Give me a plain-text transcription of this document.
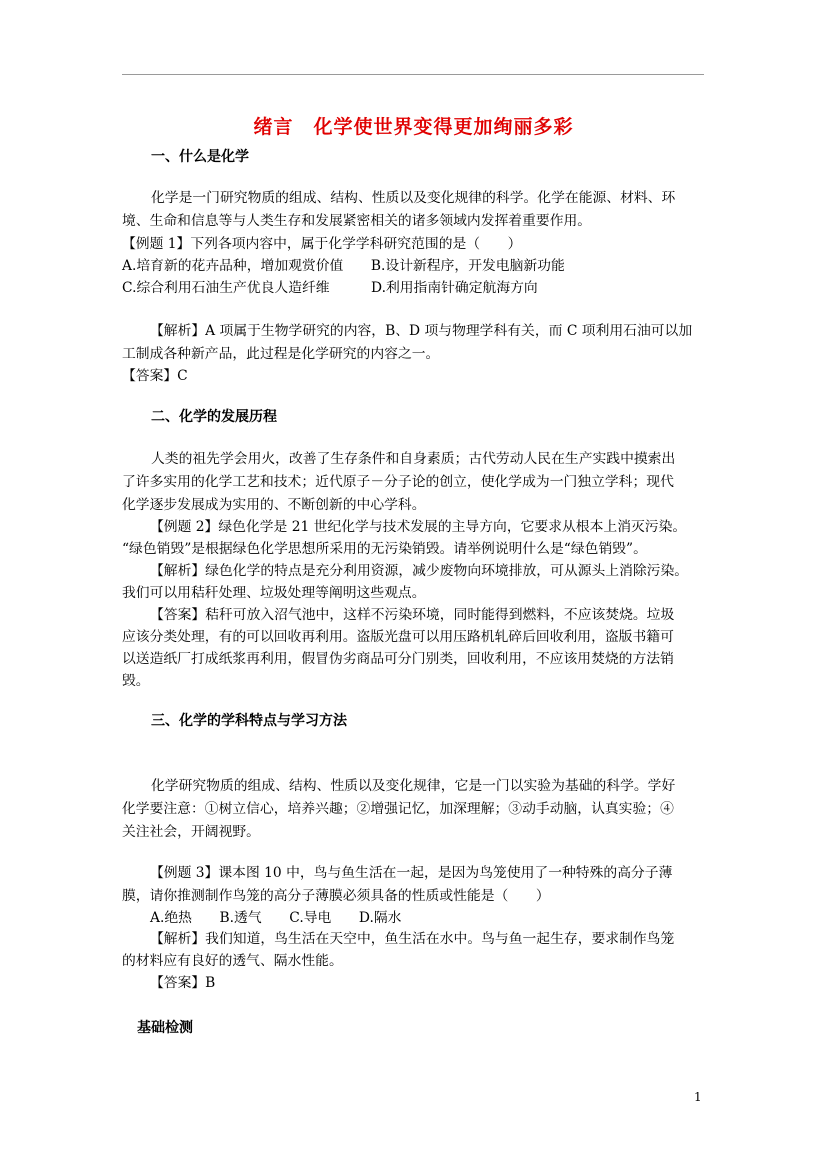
绪言　化学使世界变得更加绚丽多彩
一、什么是化学
化学是一门研究物质的组成、结构、性质以及变化规律的科学。化学在能源、材料、环
境、生命和信息等与人类生存和发展紧密相关的诸多领域内发挥着重要作用。
【例题 1】下列各项内容中，属于化学学科研究范围的是（　　）
A.培育新的花卉品种，增加观赏价值　　B.设计新程序，开发电脑新功能
C.综合利用石油生产优良人造纤维　　　D.利用指南针确定航海方向
【解析】A 项属于生物学研究的内容，B、D 项与物理学科有关，而 C 项利用石油可以加
工制成各种新产品，此过程是化学研究的内容之一。
【答案】C
二、化学的发展历程
人类的祖先学会用火，改善了生存条件和自身素质；古代劳动人民在生产实践中摸索出
了许多实用的化学工艺和技术；近代原子－分子论的创立，使化学成为一门独立学科；现代
化学逐步发展成为实用的、不断创新的中心学科。
【例题 2】绿色化学是 21 世纪化学与技术发展的主导方向，它要求从根本上消灭污染。
“绿色销毁”是根据绿色化学思想所采用的无污染销毁。请举例说明什么是“绿色销毁”。
【解析】绿色化学的特点是充分利用资源，减少废物向环境排放，可从源头上消除污染。
我们可以用秸秆处理、垃圾处理等阐明这些观点。
【答案】秸秆可放入沼气池中，这样不污染环境，同时能得到燃料，不应该焚烧。垃圾
应该分类处理，有的可以回收再利用。盗版光盘可以用压路机轧碎后回收利用，盗版书籍可
以送造纸厂打成纸浆再利用，假冒伪劣商品可分门别类，回收利用，不应该用焚烧的方法销
毁。
三、化学的学科特点与学习方法
化学研究物质的组成、结构、性质以及变化规律，它是一门以实验为基础的科学。学好
化学要注意：①树立信心，培养兴趣；②增强记忆，加深理解；③动手动脑，认真实验；④
关注社会，开阔视野。
【例题 3】课本图 10 中，鸟与鱼生活在一起，是因为鸟笼使用了一种特殊的高分子薄
膜，请你推测制作鸟笼的高分子薄膜必须具备的性质或性能是（　　）
A.绝热　　B.透气　　C.导电　　D.隔水
【解析】我们知道，鸟生活在天空中，鱼生活在水中。鸟与鱼一起生存，要求制作鸟笼
的材料应有良好的透气、隔水性能。
【答案】B
基础检测
1
